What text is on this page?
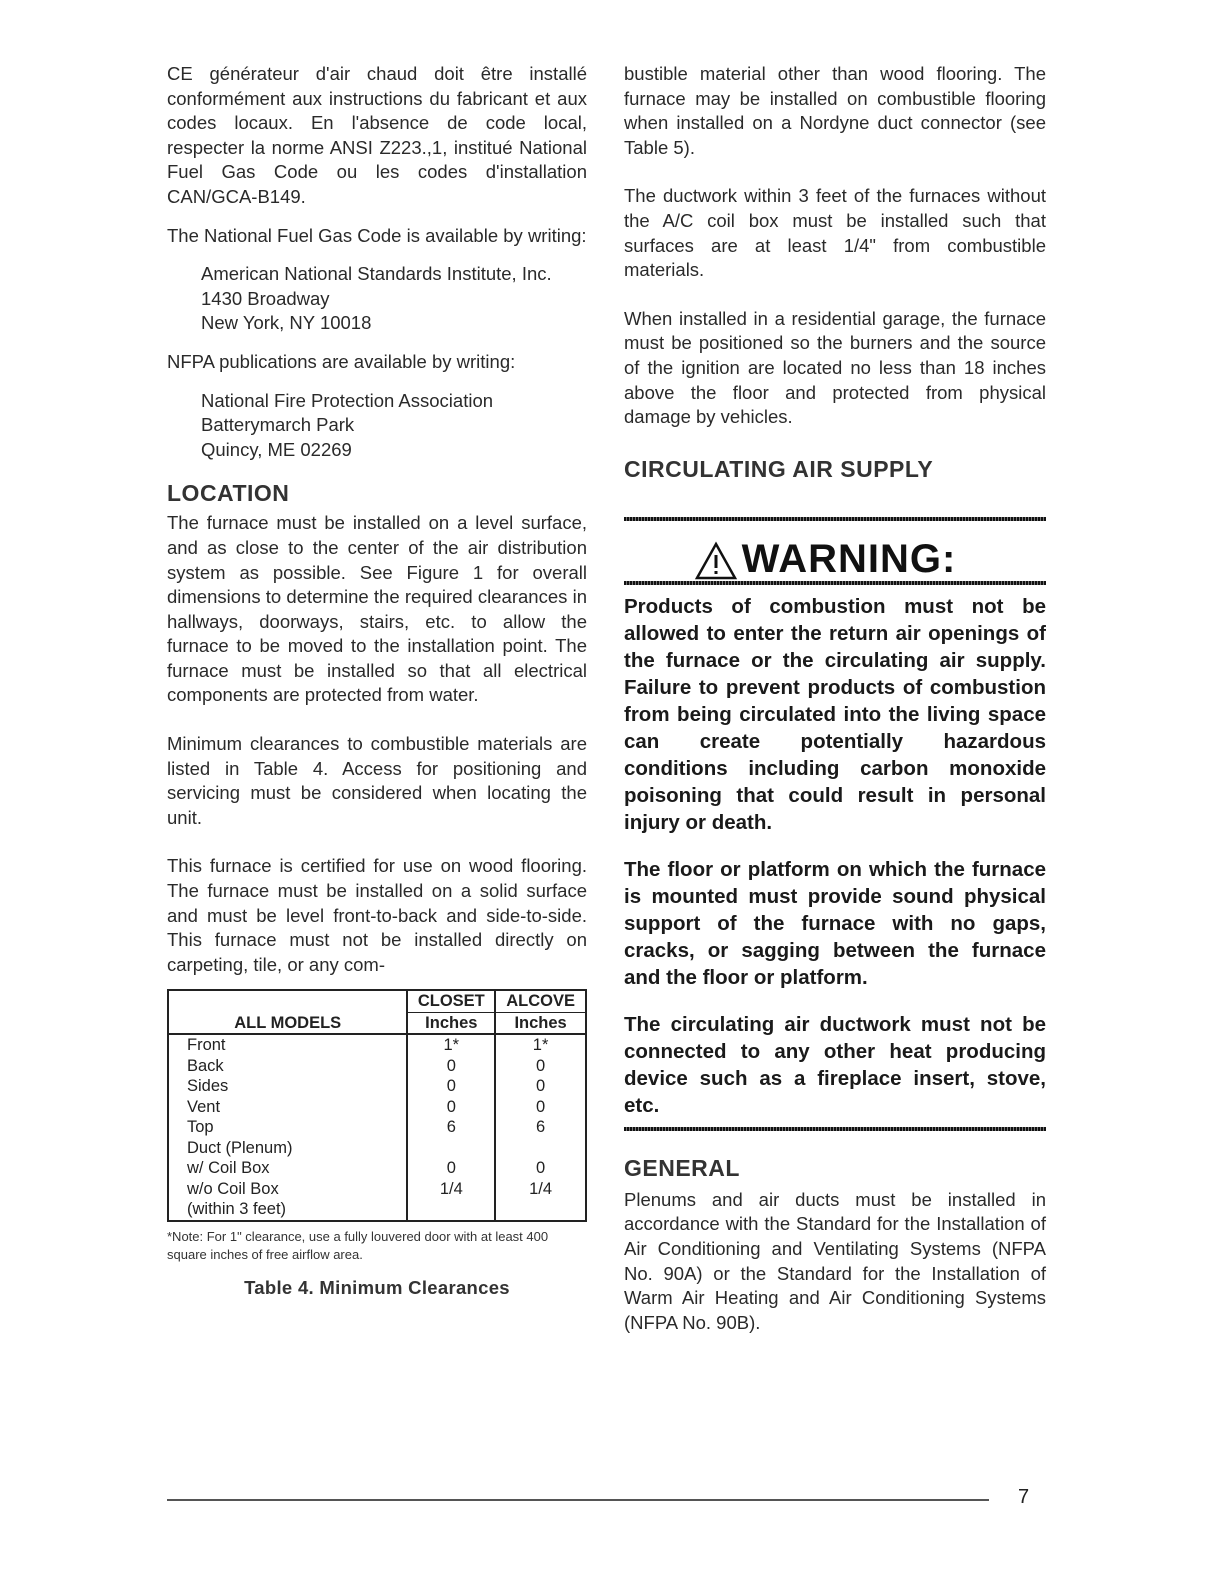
CE générateur d'air chaud doit être installé conformément aux instructions du fabricant et aux codes locaux. En l'absence de code local, respecter la norme ANSI Z223.,1, institué National Fuel Gas Code ou les codes d'installation CAN/GCA-B149.

The National Fuel Gas Code is available by writing:

American National Standards Institute, Inc.

1430 Broadway

New York, NY 10018

NFPA publications are available by writing:

National Fire Protection Association

Batterymarch Park

Quincy, ME 02269

LOCATION

The furnace must be installed on a level surface, and as close to the center of the air distribution system as possible. See Figure 1 for overall dimensions to determine the required clearances in hallways, doorways, stairs, etc. to allow the furnace to be moved to the installation point. The furnace must be installed so that all electrical components are protected from water.

Minimum clearances to combustible materials are listed in Table 4. Access for positioning and servicing must be considered when locating the unit.

This furnace is certified for use on wood flooring. The furnace must be installed on a solid surface and must be level front-to-back and side-to-side. This furnace must not be installed directly on carpeting, tile, or any com-

ALL MODELS	CLOSET	ALCOVE
	Inches	Inches
Front	1*	1*
Back	0	0
Sides	0	0
Vent	0	0
Top	6	6
Duct (Plenum)		
w/ Coil Box	0	0
w/o Coil Box	1/4	1/4
(within 3 feet)		

*Note: For 1" clearance, use a fully louvered door with at least 400 square inches of free airflow area.

Table 4. Minimum Clearances

bustible material other than wood flooring. The furnace may be installed on combustible flooring when installed on a Nordyne duct connector (see Table 5).

The ductwork within 3 feet of the furnaces without the A/C coil box must be installed such that surfaces are at least 1/4" from combustible materials.

When installed in a residential garage, the furnace must be positioned so the burners and the source of the ignition are located no less than 18 inches above the floor and protected from physical damage by vehicles.

CIRCULATING AIR SUPPLY
WARNING:

Products of combustion must not be allowed to enter the return air openings of the furnace or the circulating air supply. Failure to prevent products of combustion from being circulated into the living space can create potentially hazardous conditions including carbon monoxide poisoning that could result in personal injury or death.

The floor or platform on which the furnace is mounted must provide sound physical support of the furnace with no gaps, cracks, or sagging between the furnace and the floor or platform.

The circulating air ductwork must not be connected to any other heat producing device such as a fireplace insert, stove, etc.

GENERAL

Plenums and air ducts must be installed in accordance with the Standard for the Installation of Air Conditioning and Ventilating Systems (NFPA No. 90A) or the Standard for the Installation of Warm Air Heating and Air Conditioning Systems (NFPA No. 90B).

7
